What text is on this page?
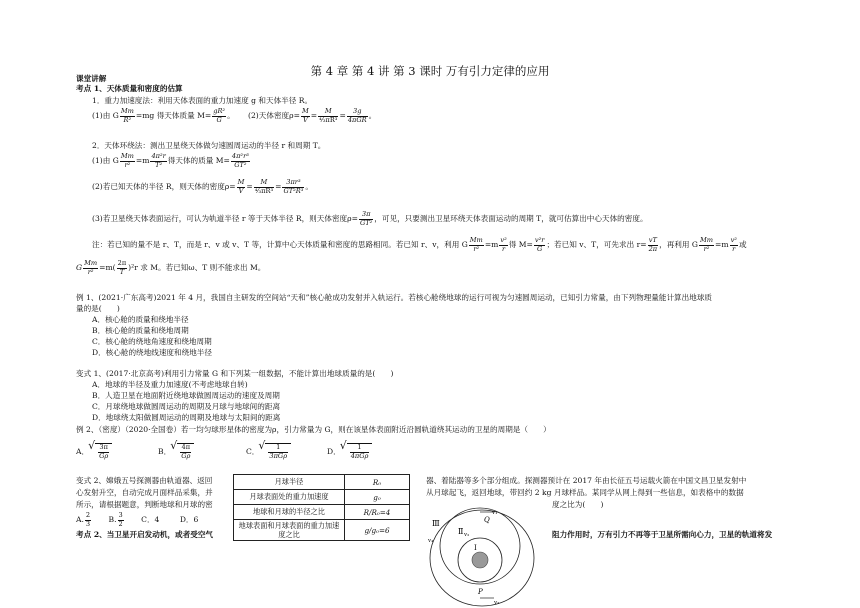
第 4 章 第 4 讲 第 3 课时 万有引力定律的应用
课堂讲解
考点 1、天体质量和密度的估算
1．重力加速度法：利用天体表面的重力加速度 g 和天体半径 R。
(1)由 G $\frac{Mm}{\text{R²}} =mg$ 得天体质量 $M= \frac{\text{gR²}}{G}$ 。 (2)天体密度$\rho= \frac{M}{V} = \frac{M}{\text{⁴⁄₃πR³}} = \frac{3g}{\text{4πGR}}$ 。
2．天体环绕法：测出卫星绕天体做匀速圆周运动的半径 r 和周期 T。
(1)由 G $\frac{Mm}{\text{r²}} =m \frac{\text{4π²r}}{\text{T²}}$ 得天体的质量 $M= \frac{\text{4π²r³}}{\text{GT²}}$
(2)若已知天体的半径 R，则天体的密度$\rho= \frac{M}{V} = \frac{M}{\text{⁴⁄₃πR³}} = \frac{\text{3πr³}}{\text{GT²R³}}$ 。
(3)若卫星绕天体表面运行，可认为轨道半径 r 等于天体半径 R，则天体密度$\rho= \frac{3\pi}{\text{GT²}}$ ，可见，只要测出卫星环绕天体表面运动的周期 T，就可估算出中心天体的密度。
注：若已知的量不是 r、T，而是 r、v 或 v、T 等，计算中心天体质量和密度的思路相同。若已知 r、v，利用 G $\frac{Mm}{\text{r²}} =m \frac{\text{v²}}{r}$ 得 $M= \frac{\text{v²r}}{G}$ ；若已知 v、T，可先求出 $r= \frac{vT}{2\pi}$ ，再利用 G $\frac{Mm}{\text{r²}} =m \frac{\text{v²}}{r}$ 或
G $\frac{Mm}{\text{r²}} =m( \frac{2\pi}{T} )^2r$ 求 M。若已知ω、T 则不能求出 M。
例 1、(2021·广东高考)2021 年 4 月，我国自主研发的空间站“天和”核心舱成功发射并入轨运行。若核心舱绕地球的运行可视为匀速圆周运动，已知引力常量，由下列物理量能计算出地球质
量的是(　　)
A．核心舱的质量和绕地半径
B．核心舱的质量和绕地周期
C．核心舱的绕地角速度和绕地周期
D．核心舱的绕地线速度和绕地半径
变式 1、(2017·北京高考)利用引力常量 G 和下列某一组数据，不能计算出地球质量的是(　　)
A．地球的半径及重力加速度(不考虑地球自转)
B．人造卫星在地面附近绕地球做圆周运动的速度及周期
C．月球绕地球做圆周运动的周期及月球与地球间的距离
D．地球绕太阳做圆周运动的周期及地球与太阳间的距离
例 2、（密度）（2020·全国卷）若一均匀球形星体的密度为ρ，引力常量为 G，则在该星体表面附近沿圆轨道绕其运动的卫星的周期是（　　）
A． √ $\frac{3\pi}{G\rho}$	B． √ $\frac{4\pi}{G\rho}$	C． √ $\frac{1}{\text{3πGρ}}$	D． √ $\frac{1}{\text{4πGρ}}$
变式 2、嫦娥五号探测器由轨道器、返回
心发射升空，自动完成月面样品采集，并
所示，请根据题意，判断地球和月球的密
A. $\frac{2}{3} B$. $\frac{3}{2}$ C．4	D．6
月球半径	R₀
月球表面处的重力加速度	g₀
地球和月球的半径之比	R/R₀=4
地球表面和月球表面的重力加速度之比	g/g₀=6
器、着陆器等多个部分组成。探测器预计在 2017 年由长征五号运载火箭在中国文昌卫星发射中
从月球起飞，返回地球，带回约 2 kg 月球样品。某同学从网上得到一些信息，如表格中的数据
度之比为(　　)
考点 2、当卫星开启发动机，或者受空气	阻力作用时，万有引力不再等于卫星所需向心力，卫星的轨道将发
Ⅲ
Ⅱ
Ⅰ
Q
P
v₁
v₂
v₃
v₄
